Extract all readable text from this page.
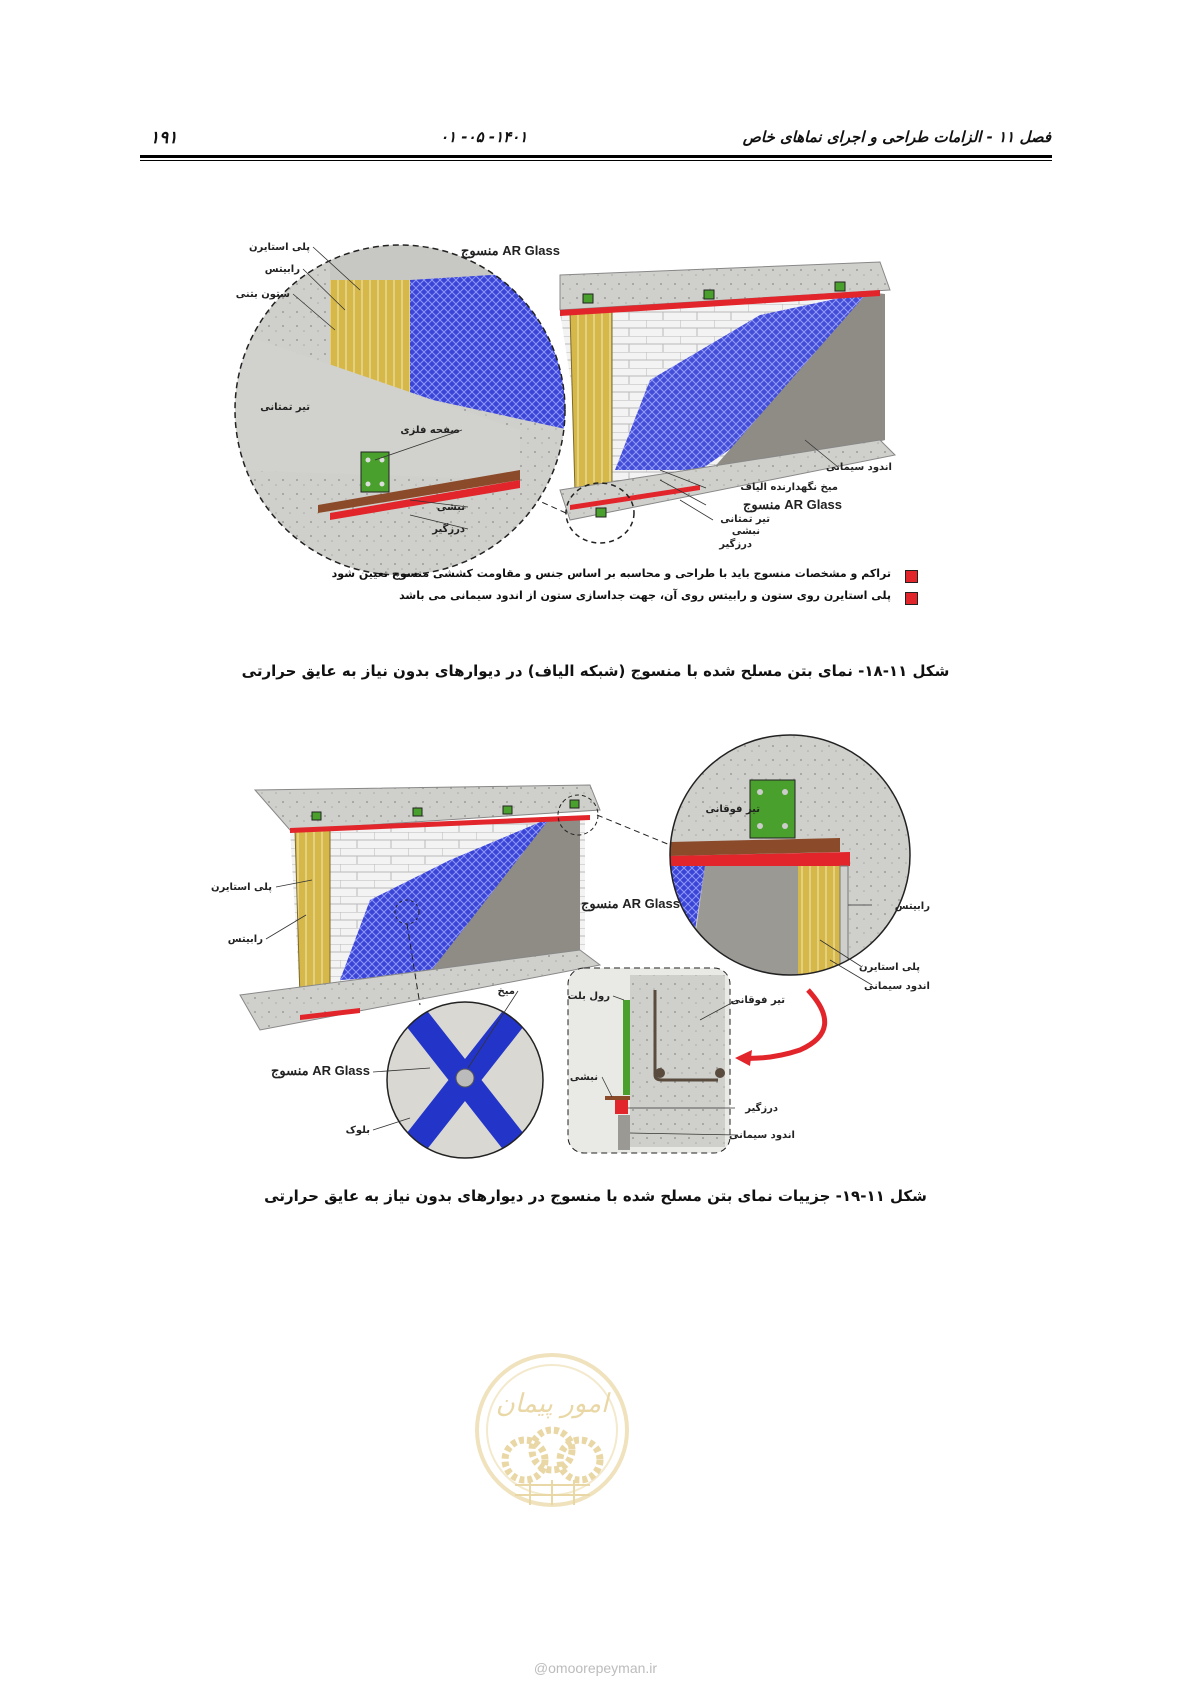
فصل ۱۱ - الزامات طراحی و اجرای نماهای خاص
۰۱ -۰۵ -۱۴۰۱
۱۹۱
پلی استایرن
رابیتس
ستون بتنی
تیر تمتانی
صفحه فلزی
نبشی
درزگیر
منسوج AR Glass
اندود سیمانی
میخ نگهدارنده الیاف
منسوج AR Glass
تیر تمتانی
نبشی
درزگیر
تراکم و مشخصات منسوج باید با طراحی و محاسبه بر اساس جنس و مقاومت کششی منسوج تعیین شود
پلی استایرن روی ستون و رابیتس روی آن، جهت جداسازی ستون از اندود سیمانی می باشد
شکل ۱۱-۱۸- نمای بتن مسلح شده با منسوج (شبکه الیاف) در دیوارهای بدون نیاز به عایق حرارتی
پلی استایرن
رابیتس
منسوج AR Glass
بلوک
میخ
تیر فوقانی
منسوج AR Glass	رابیتس
پلی استایرن
اندود سیمانی
رول بلت	تیر فوقانی
نبشی
درزگیر
اندود سیمانی
شکل ۱۱-۱۹- جزییات نمای بتن مسلح شده با منسوج در دیوارهای بدون نیاز به عایق حرارتی
امور پیمان
@omoorepeyman.ir
